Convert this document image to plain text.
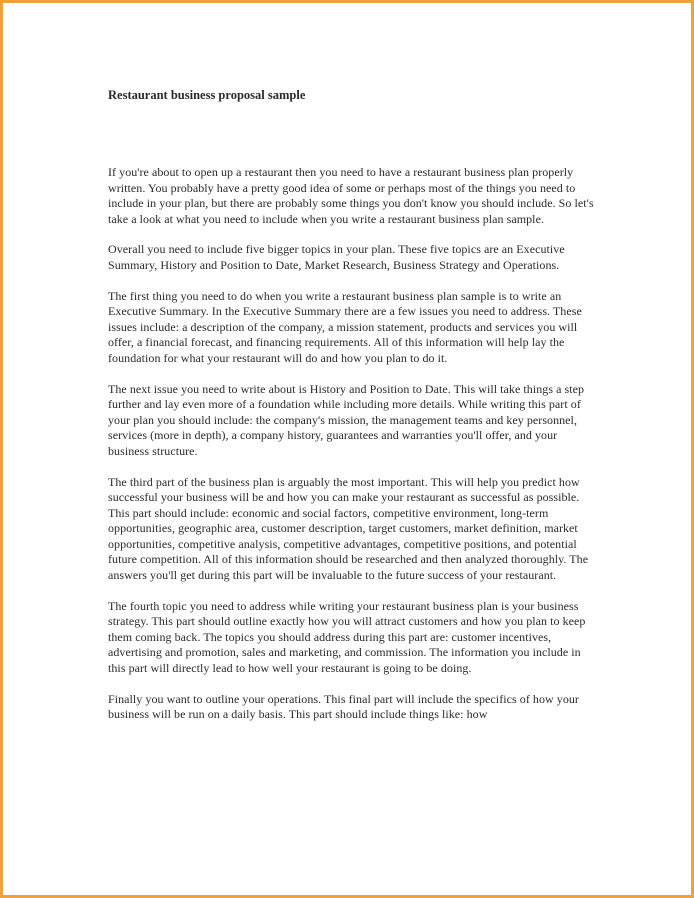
Restaurant business proposal sample

If you're about to open up a restaurant then you need to have a restaurant business plan properly written. You probably have a pretty good idea of some or perhaps most of the things you need to include in your plan, but there are probably some things you don't know you should include. So let's take a look at what you need to include when you write a restaurant business plan sample.

Overall you need to include five bigger topics in your plan. These five topics are an Executive Summary, History and Position to Date, Market Research, Business Strategy and Operations.

The first thing you need to do when you write a restaurant business plan sample is to write an Executive Summary. In the Executive Summary there are a few issues you need to address. These issues include: a description of the company, a mission statement, products and services you will offer, a financial forecast, and financing requirements. All of this information will help lay the foundation for what your restaurant will do and how you plan to do it.

The next issue you need to write about is History and Position to Date. This will take things a step further and lay even more of a foundation while including more details. While writing this part of your plan you should include: the company's mission, the management teams and key personnel, services (more in depth), a company history, guarantees and warranties you'll offer, and your business structure.

The third part of the business plan is arguably the most important. This will help you predict how successful your business will be and how you can make your restaurant as successful as possible. This part should include: economic and social factors, competitive environment, long-term opportunities, geographic area, customer description, target customers, market definition, market opportunities, competitive analysis, competitive advantages, competitive positions, and potential future competition. All of this information should be researched and then analyzed thoroughly. The answers you'll get during this part will be invaluable to the future success of your restaurant.

The fourth topic you need to address while writing your restaurant business plan is your business strategy. This part should outline exactly how you will attract customers and how you plan to keep them coming back. The topics you should address during this part are: customer incentives, advertising and promotion, sales and marketing, and commission. The information you include in this part will directly lead to how well your restaurant is going to be doing.

Finally you want to outline your operations. This final part will include the specifics of how your business will be run on a daily basis. This part should include things like: how
